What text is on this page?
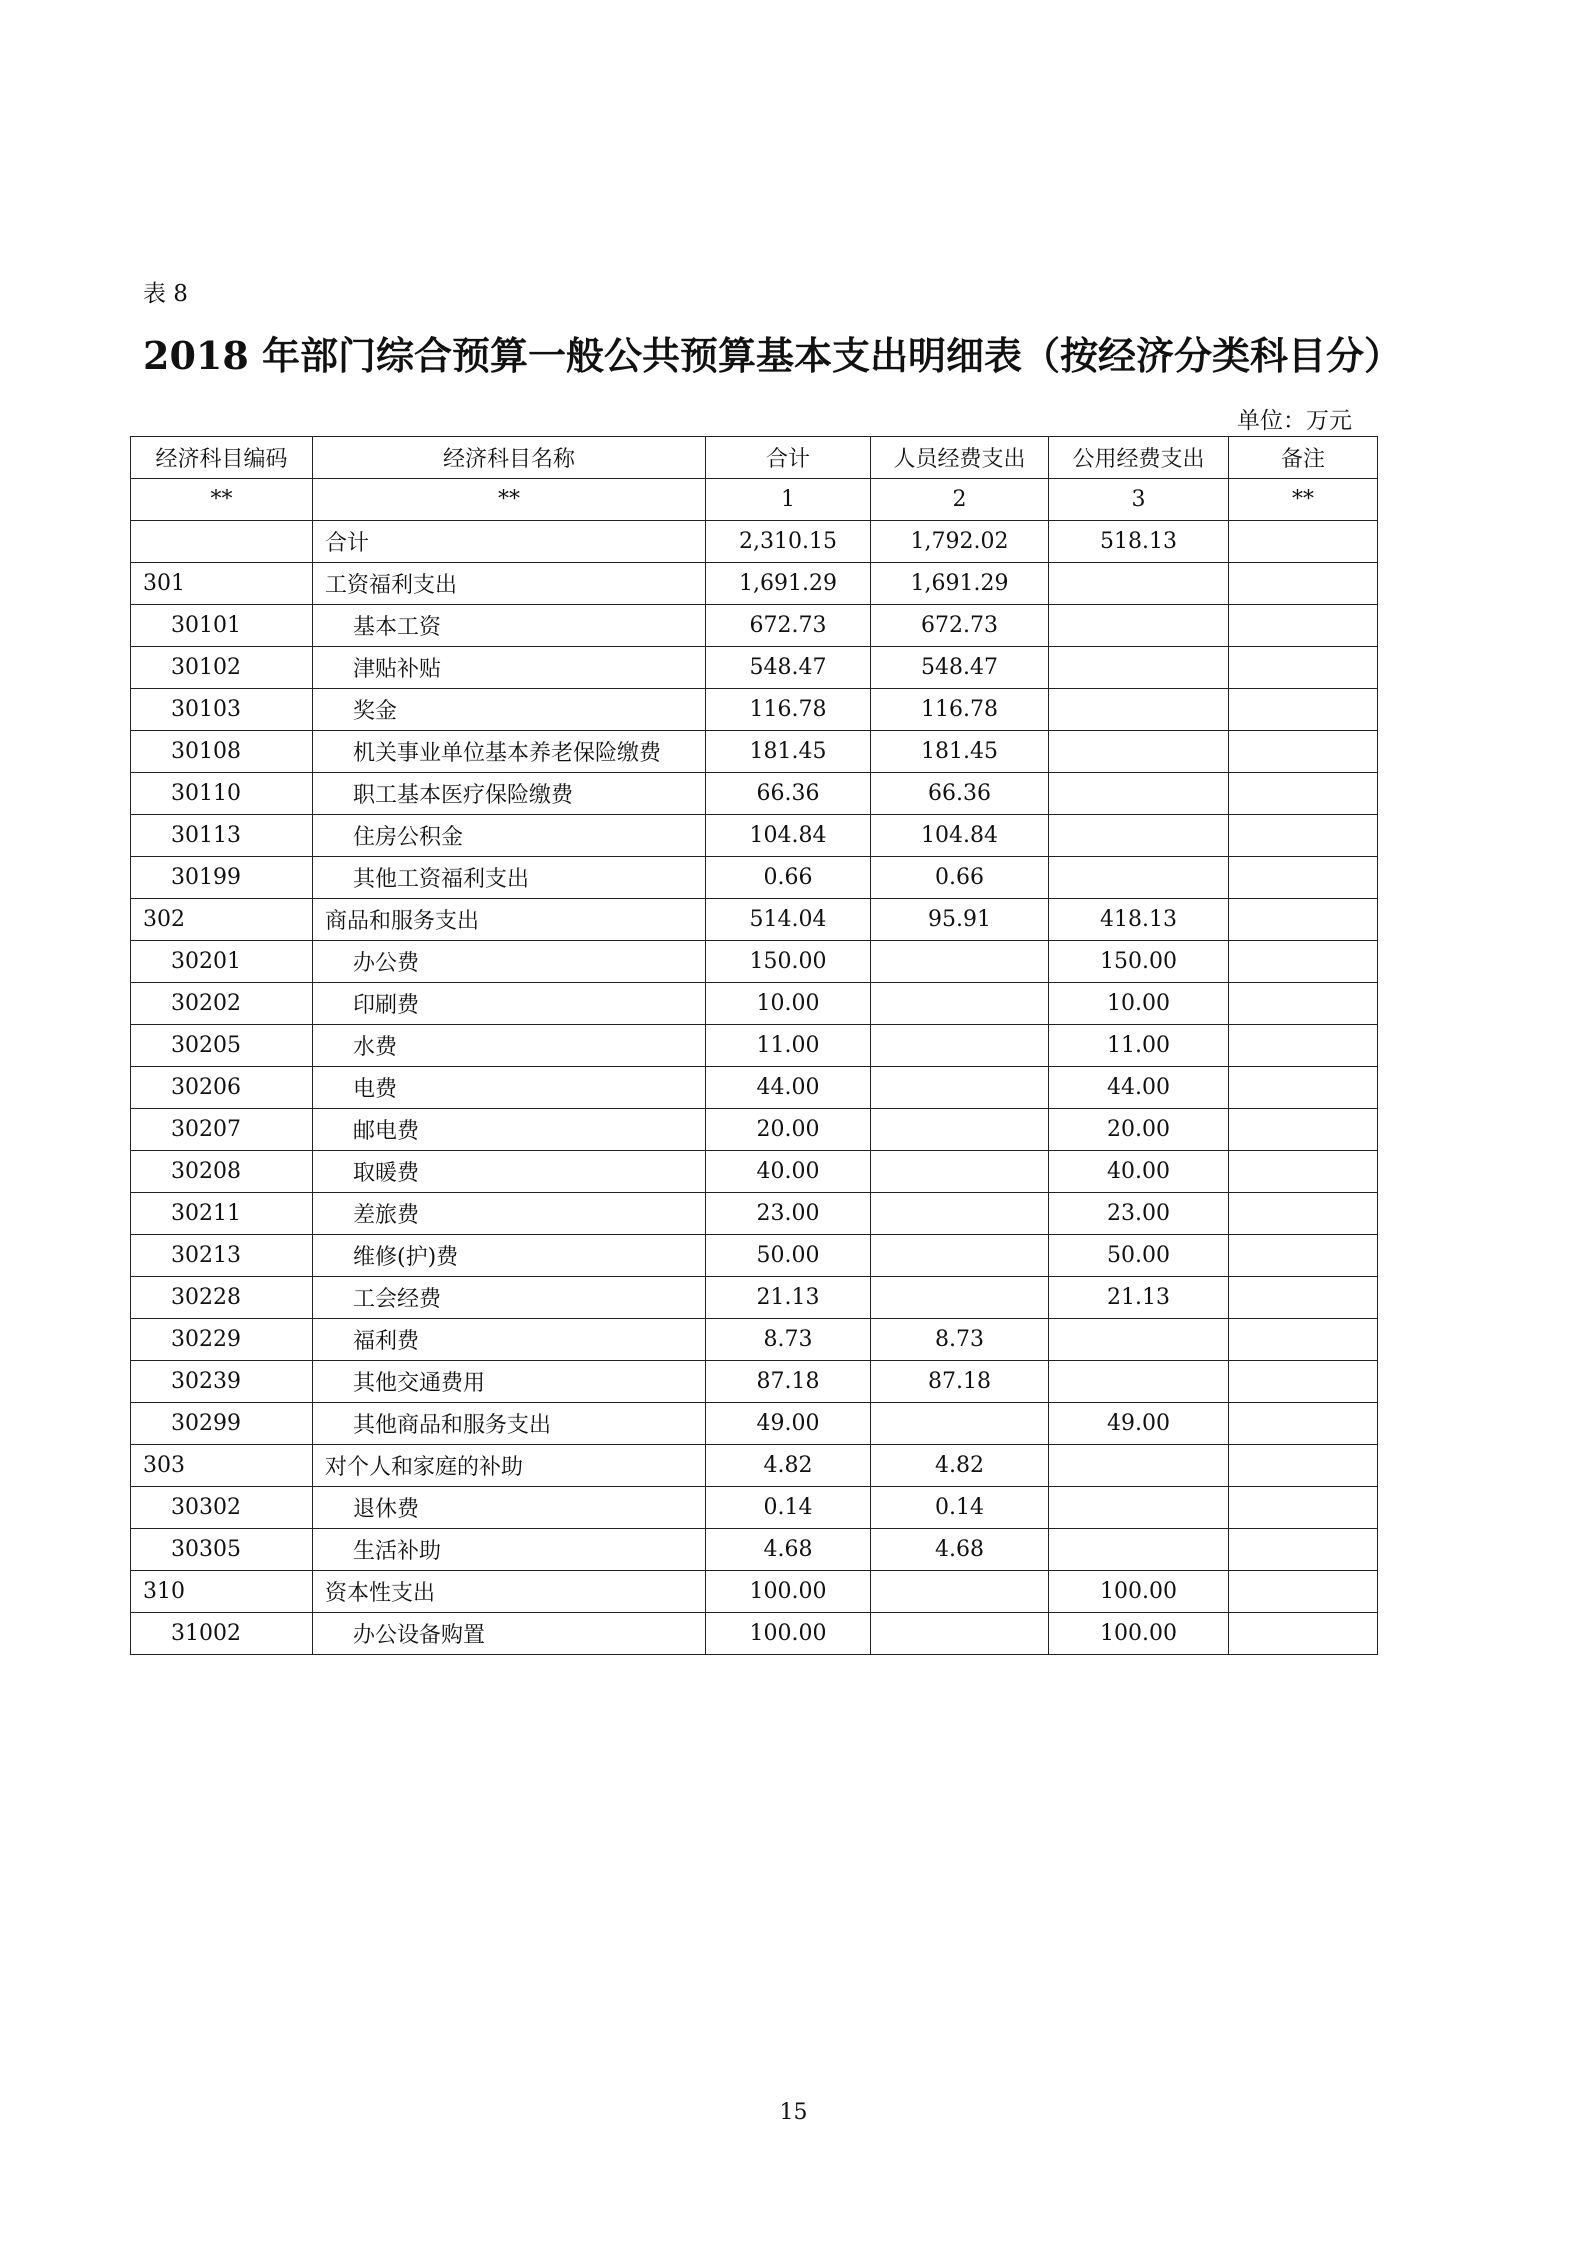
表 8
2018 年部门综合预算一般公共预算基本支出明细表（按经济分类科目分）
单位：万元
经济科目编码	经济科目名称	合计	人员经费支出	公用经费支出	备注
**	**	1	2	3	**
	合计	2,310.15	1,792.02	518.13	
301	工资福利支出	1,691.29	1,691.29		
30101	基本工资	672.73	672.73		
30102	津贴补贴	548.47	548.47		
30103	奖金	116.78	116.78		
30108	机关事业单位基本养老保险缴费	181.45	181.45		
30110	职工基本医疗保险缴费	66.36	66.36		
30113	住房公积金	104.84	104.84		
30199	其他工资福利支出	0.66	0.66		
302	商品和服务支出	514.04	95.91	418.13	
30201	办公费	150.00		150.00	
30202	印刷费	10.00		10.00	
30205	水费	11.00		11.00	
30206	电费	44.00		44.00	
30207	邮电费	20.00		20.00	
30208	取暖费	40.00		40.00	
30211	差旅费	23.00		23.00	
30213	维修(护)费	50.00		50.00	
30228	工会经费	21.13		21.13	
30229	福利费	8.73	8.73		
30239	其他交通费用	87.18	87.18		
30299	其他商品和服务支出	49.00		49.00	
303	对个人和家庭的补助	4.82	4.82		
30302	退休费	0.14	0.14		
30305	生活补助	4.68	4.68		
310	资本性支出	100.00		100.00	
31002	办公设备购置	100.00		100.00	
15
